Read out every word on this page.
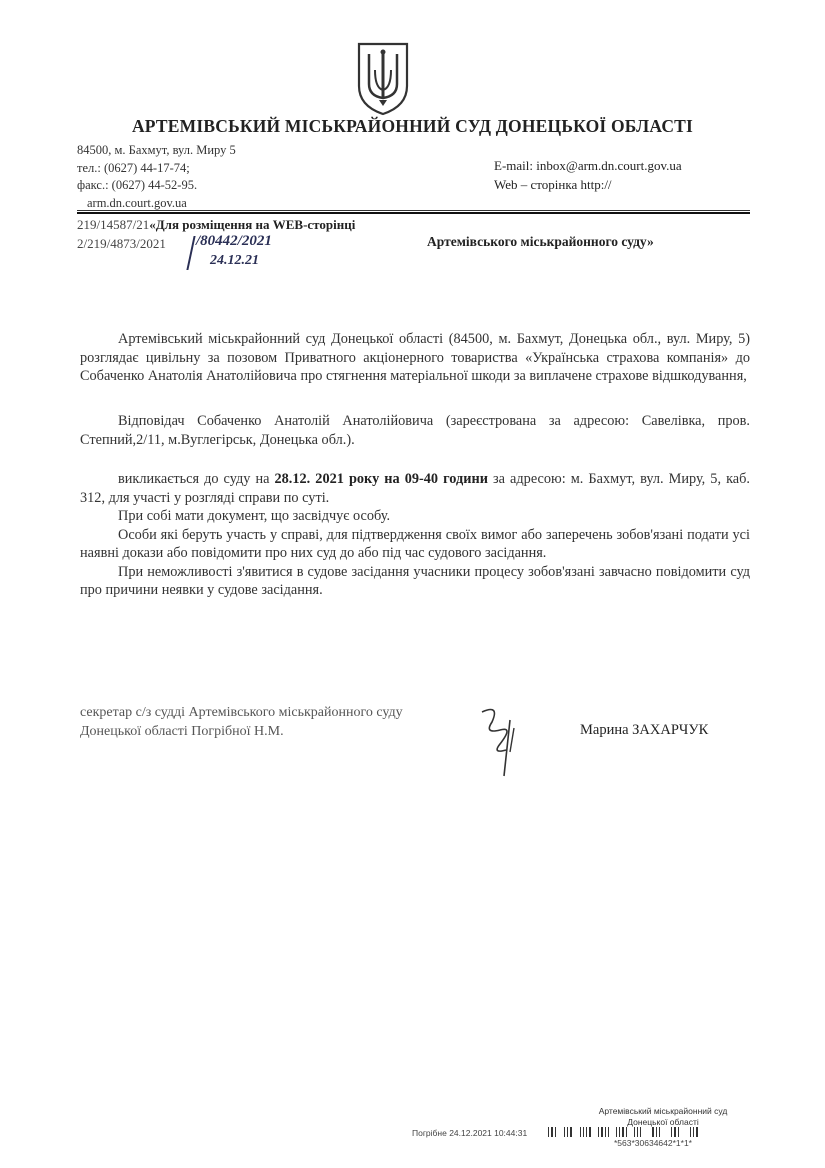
АРТЕМІВСЬКИЙ МІСЬКРАЙОННИЙ СУД ДОНЕЦЬКОЇ ОБЛАСТІ
84500, м. Бахмут, вул. Миру 5
тел.: (0627) 44-17-74;
факс.: (0627) 44-52-95.
arm.dn.court.gov.ua
E-mail: inbox@arm.dn.court.gov.ua
Web – сторінка http://
219/14587/21«Для розміщення на WEB-сторінці
2/219/4873/2021	Артемівського міськрайонного суду»
/80442/2021
24.12.21

Артемівський міськрайонний суд Донецької області (84500, м. Бахмут, Донецька обл., вул. Миру, 5) розглядає цивільну за позовом Приватного акціонерного товариства «Українська страхова компанія» до Собаченко Анатолія Анатолійовича про стягнення матеріальної шкоди за виплачене страхове відшкодування,

Відповідач Собаченко Анатолій Анатолійовича (зареєстрована за адресою: Савелівка, пров. Степний,2/11, м.Вуглегірськ, Донецька обл.).

викликається до суду на 28.12. 2021 року на 09-40 години за адресою: м. Бахмут, вул. Миру, 5, каб. 312, для участі у розгляді справи по суті.

При собі мати документ, що засвідчує особу.

Особи які беруть участь у справі, для підтвердження своїх вимог або заперечень зобов'язані подати усі наявні докази або повідомити про них суд до або під час судового засідання.

При неможливості з'явитися в судове засідання учасники процесу зобов'язані завчасно повідомити суд про причини неявки у судове засідання.

секретар с/з судді Артемівського міськрайонного суду
Донецької області Погрібної Н.М.	Марина ЗАХАРЧУК
Артемівський міськрайонний суд
Донецької області
Погрібне 24.12.2021 10:44:31
*563*30634642*1*1*
